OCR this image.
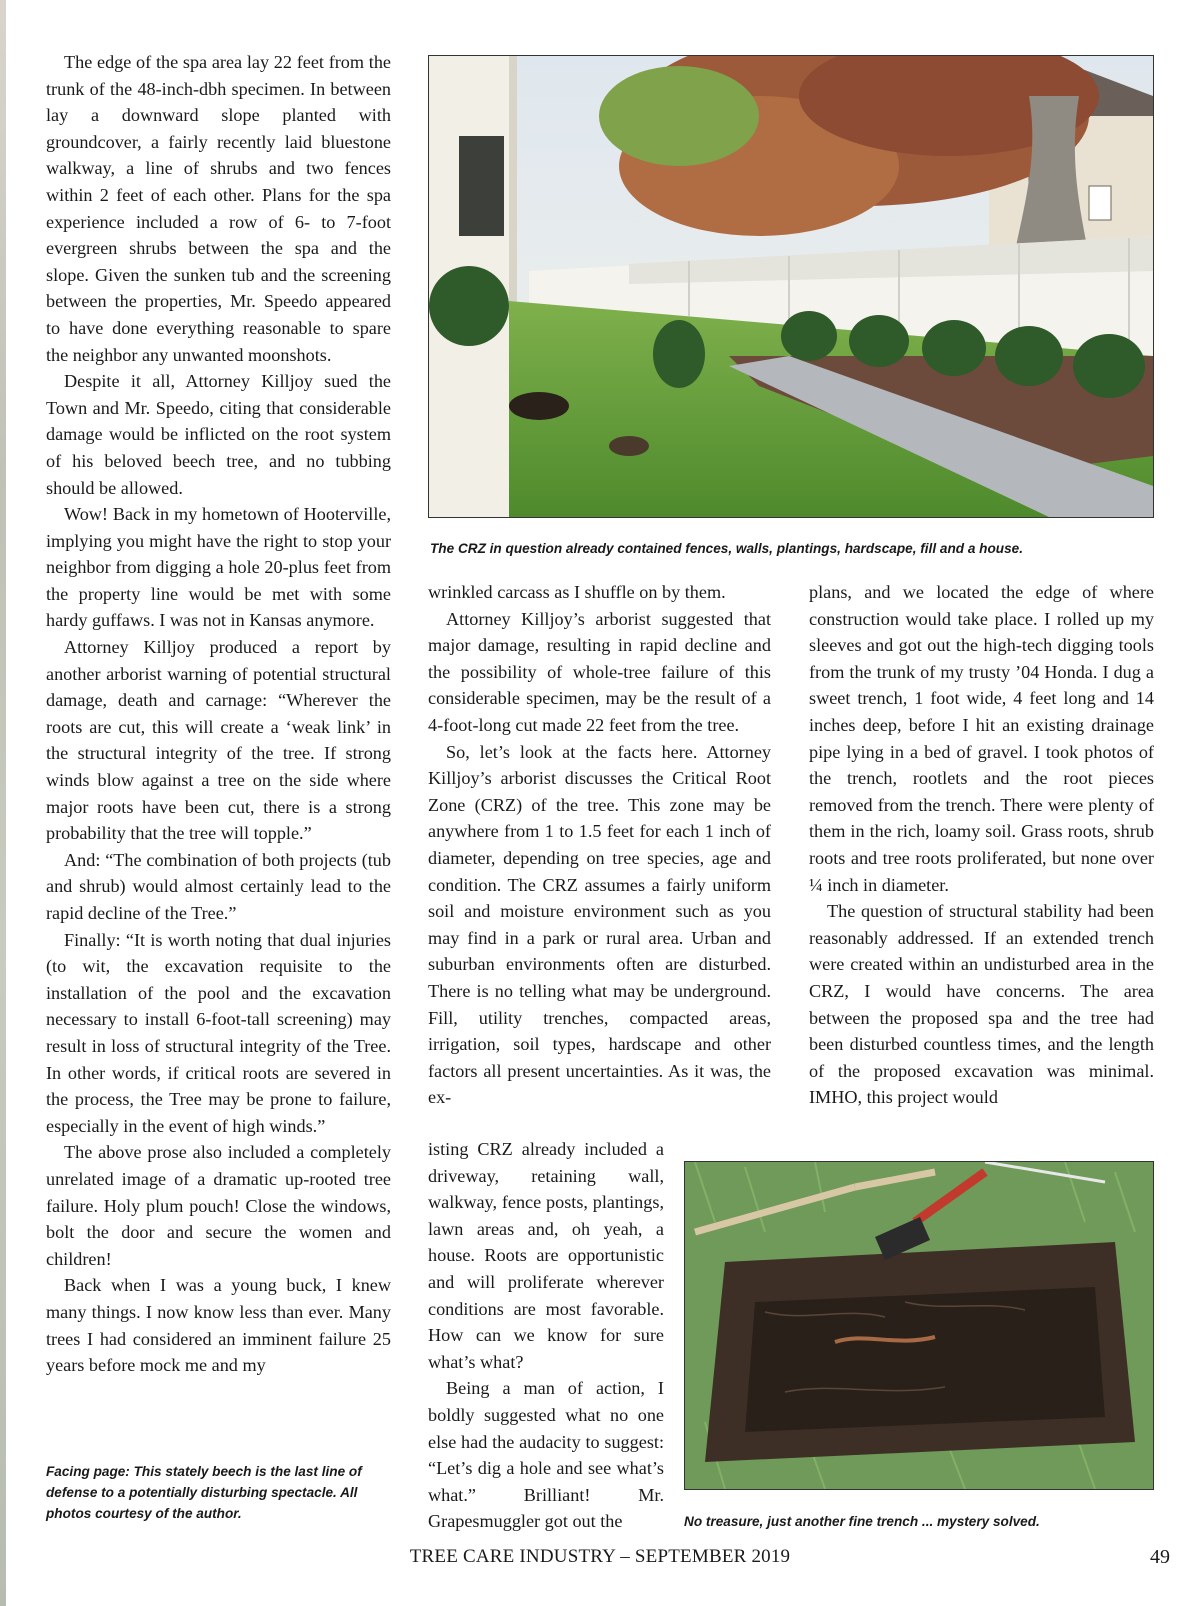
The edge of the spa area lay 22 feet from the trunk of the 48-inch-dbh specimen. In between lay a downward slope planted with groundcover, a fairly recently laid bluestone walkway, a line of shrubs and two fences within 2 feet of each other. Plans for the spa experience included a row of 6- to 7-foot evergreen shrubs between the spa and the slope. Given the sunken tub and the screening between the properties, Mr. Speedo appeared to have done everything reasonable to spare the neighbor any unwanted moonshots.

Despite it all, Attorney Killjoy sued the Town and Mr. Speedo, citing that considerable damage would be inflicted on the root system of his beloved beech tree, and no tubbing should be allowed.

Wow! Back in my hometown of Hooterville, implying you might have the right to stop your neighbor from digging a hole 20-plus feet from the property line would be met with some hardy guffaws. I was not in Kansas anymore.

Attorney Killjoy produced a report by another arborist warning of potential structural damage, death and carnage: “Wherever the roots are cut, this will create a ‘weak link’ in the structural integrity of the tree. If strong winds blow against a tree on the side where major roots have been cut, there is a strong probability that the tree will topple.”

And: “The combination of both projects (tub and shrub) would almost certainly lead to the rapid decline of the Tree.”

Finally: “It is worth noting that dual injuries (to wit, the excavation requisite to the installation of the pool and the excavation necessary to install 6-foot-tall screening) may result in loss of structural integrity of the Tree. In other words, if critical roots are severed in the process, the Tree may be prone to failure, especially in the event of high winds.”

The above prose also included a completely unrelated image of a dramatic up-rooted tree failure. Holy plum pouch! Close the windows, bolt the door and secure the women and children!

Back when I was a young buck, I knew many things. I now know less than ever. Many trees I had considered an imminent failure 25 years before mock me and my

The CRZ in question already contained fences, walls, plantings, hardscape, fill and a house.

wrinkled carcass as I shuffle on by them.

Attorney Killjoy’s arborist suggested that major damage, resulting in rapid decline and the possibility of whole-tree failure of this considerable specimen, may be the result of a 4-foot-long cut made 22 feet from the tree.

So, let’s look at the facts here. Attorney Killjoy’s arborist discusses the Critical Root Zone (CRZ) of the tree. This zone may be anywhere from 1 to 1.5 feet for each 1 inch of diameter, depending on tree species, age and condition. The CRZ assumes a fairly uniform soil and moisture environment such as you may find in a park or rural area. Urban and suburban environments often are disturbed. There is no telling what may be underground. Fill, utility trenches, compacted areas, irrigation, soil types, hardscape and other factors all present uncertainties. As it was, the ex-

isting CRZ already included a driveway, retaining wall, walkway, fence posts, plantings, lawn areas and, oh yeah, a house. Roots are opportunistic and will proliferate wherever conditions are most favorable. How can we know for sure what’s what?

Being a man of action, I boldly suggested what no one else had the audacity to suggest: “Let’s dig a hole and see what’s what.” Brilliant! Mr. Grapesmuggler got out the

plans, and we located the edge of where construction would take place. I rolled up my sleeves and got out the high-tech digging tools from the trunk of my trusty ’04 Honda. I dug a sweet trench, 1 foot wide, 4 feet long and 14 inches deep, before I hit an existing drainage pipe lying in a bed of gravel. I took photos of the trench, rootlets and the root pieces removed from the trench. There were plenty of them in the rich, loamy soil. Grass roots, shrub roots and tree roots proliferated, but none over ¼ inch in diameter.

The question of structural stability had been reasonably addressed. If an extended trench were created within an undisturbed area in the CRZ, I would have concerns. The area between the proposed spa and the tree had been disturbed countless times, and the length of the proposed excavation was minimal. IMHO, this project would

No treasure, just another fine trench ... mystery solved.

Facing page: This stately beech is the last line of defense to a potentially disturbing spectacle. All photos courtesy of the author.

TREE CARE INDUSTRY – SEPTEMBER 2019	49
